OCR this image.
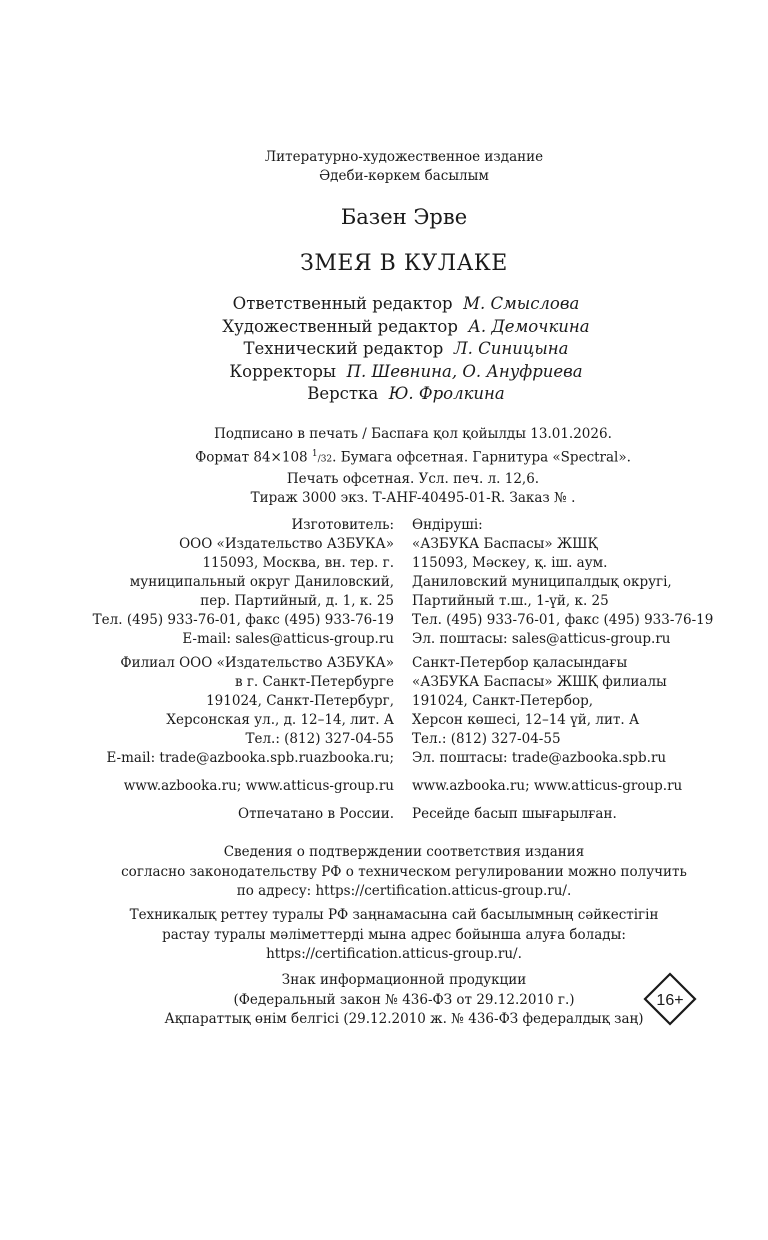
Литературно-художественное издание
Әдеби-көркем басылым
Базен Эрве
ЗМЕЯ В КУЛАКЕ
Ответственный редактор М. Смыслова
Художественный редактор А. Демочкина
Технический редактор Л. Синицына
Корректоры П. Шевнина, О. Ануфриева
Верстка Ю. Фролкина
Подписано в печать / Баспаға қол қойылды 13.01.2026.
Формат 84×108 $^1$/32. Бумага офсетная. Гарнитура «Spectral».
Печать офсетная. Усл. печ. л. 12,6.
Тираж 3000 экз. Т-АНF-40495-01-R. Заказ № .
Изготовитель:
ООО «Издательство АЗБУКА»
115093, Москва, вн. тер. г.
муниципальный округ Даниловский,
пер. Партийный, д. 1, к. 25
Тел. (495) 933-76-01, факс (495) 933-76-19
E-mail: sales@atticus-group.ru
Өндіруші:
«АЗБУКА Баспасы» ЖШҚ
115093, Мәскеу, қ. іш. аум.
Даниловский муниципалдық округі,
Партийный т.ш., 1-үй, к. 25
Тел. (495) 933-76-01, факс (495) 933-76-19
Эл. поштасы: sales@atticus-group.ru
Филиал ООО «Издательство АЗБУКА»
в г. Санкт-Петербурге
191024, Санкт-Петербург,
Херсонская ул., д. 12–14, лит. А
Тел.: (812) 327-04-55
E-mail: trade@azbooka.spb.ruazbooka.ru;
Санкт-Петербор қаласындағы
«АЗБУКА Баспасы» ЖШҚ филиалы
191024, Санкт-Петербор,
Херсон көшесі, 12–14 үй, лит. А
Тел.: (812) 327-04-55
Эл. поштасы: trade@azbooka.spb.ru
www.azbooka.ru; www.atticus-group.ru www.azbooka.ru; www.atticus-group.ru
Отпечатано в России. Ресейде басып шығарылған.
Сведения о подтверждении соответствия издания
согласно законодательству РФ о техническом регулировании можно получить
по адресу: https://certification.atticus-group.ru/.
Техникалық реттеу туралы РФ заңнамасына сай басылымның сәйкестігін
растау туралы мәліметтерді мына адрес бойынша алуға болады:
https://certification.atticus-group.ru/.
Знак информационной продукции
(Федеральный закон № 436-ФЗ от 29.12.2010 г.)
Ақпараттық өнім белгісі (29.12.2010 ж. № 436-ФЗ федералдық заң)
16+
